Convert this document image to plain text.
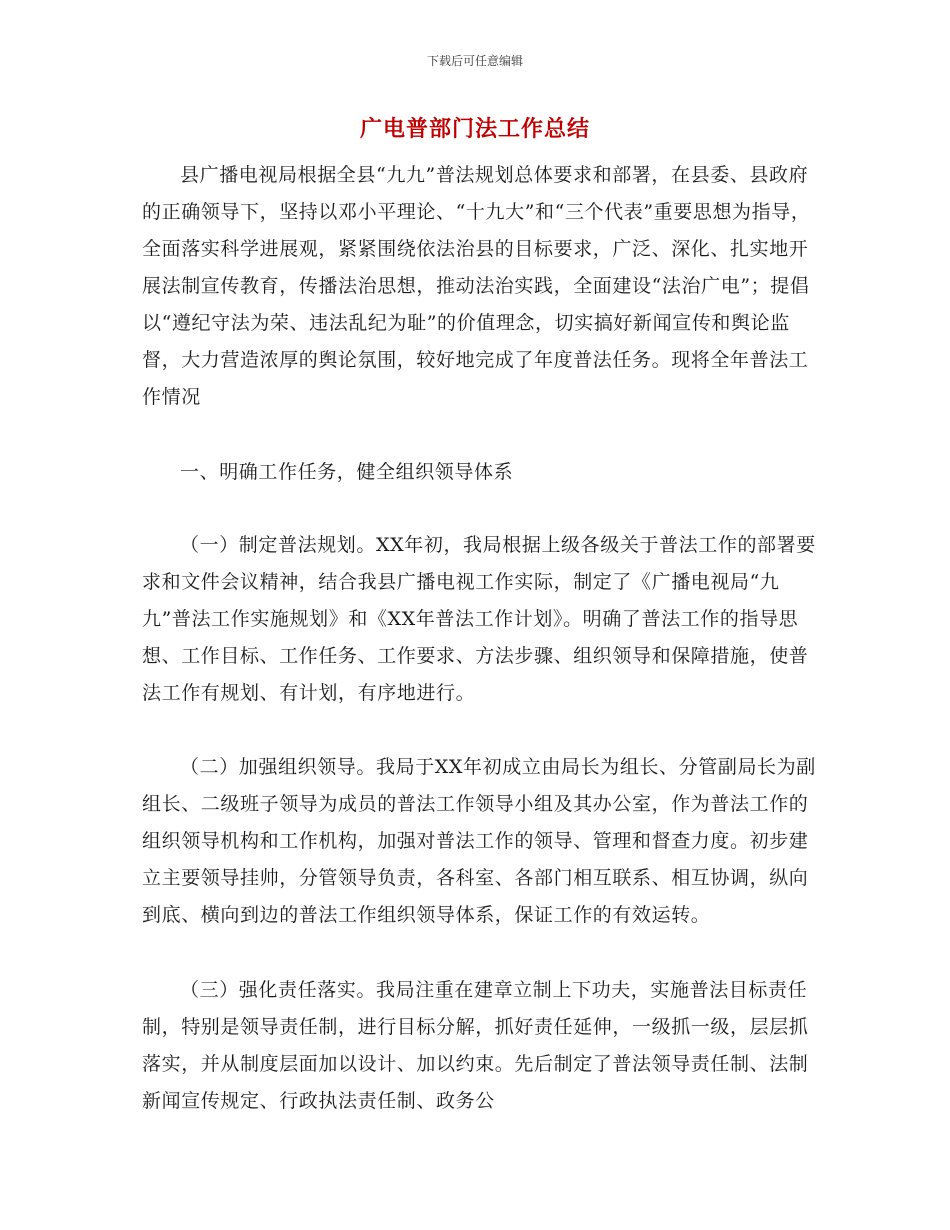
下载后可任意编辑
广电普部门法工作总结

县广播电视局根据全县“九九”普法规划总体要求和部署，在县委、县政府的正确领导下，坚持以邓小平理论、“十九大”和“三个代表”重要思想为指导，全面落实科学进展观，紧紧围绕依法治县的目标要求，广泛、深化、扎实地开展法制宣传教育，传播法治思想，推动法治实践，全面建设“法治广电”；提倡以“遵纪守法为荣、违法乱纪为耻”的价值理念，切实搞好新闻宣传和舆论监督，大力营造浓厚的舆论氛围，较好地完成了年度普法任务。现将全年普法工作情况

一、明确工作任务，健全组织领导体系

（一）制定普法规划。XX年初，我局根据上级各级关于普法工作的部署要求和文件会议精神，结合我县广播电视工作实际，制定了《广播电视局“九九”普法工作实施规划》和《XX年普法工作计划》。明确了普法工作的指导思想、工作目标、工作任务、工作要求、方法步骤、组织领导和保障措施，使普法工作有规划、有计划，有序地进行。

（二）加强组织领导。我局于XX年初成立由局长为组长、分管副局长为副组长、二级班子领导为成员的普法工作领导小组及其办公室，作为普法工作的组织领导机构和工作机构，加强对普法工作的领导、管理和督查力度。初步建立主要领导挂帅，分管领导负责，各科室、各部门相互联系、相互协调，纵向到底、横向到边的普法工作组织领导体系，保证工作的有效运转。

（三）强化责任落实。我局注重在建章立制上下功夫，实施普法目标责任制，特别是领导责任制，进行目标分解，抓好责任延伸，一级抓一级，层层抓落实，并从制度层面加以设计、加以约束。先后制定了普法领导责任制、法制新闻宣传规定、行政执法责任制、政务公
